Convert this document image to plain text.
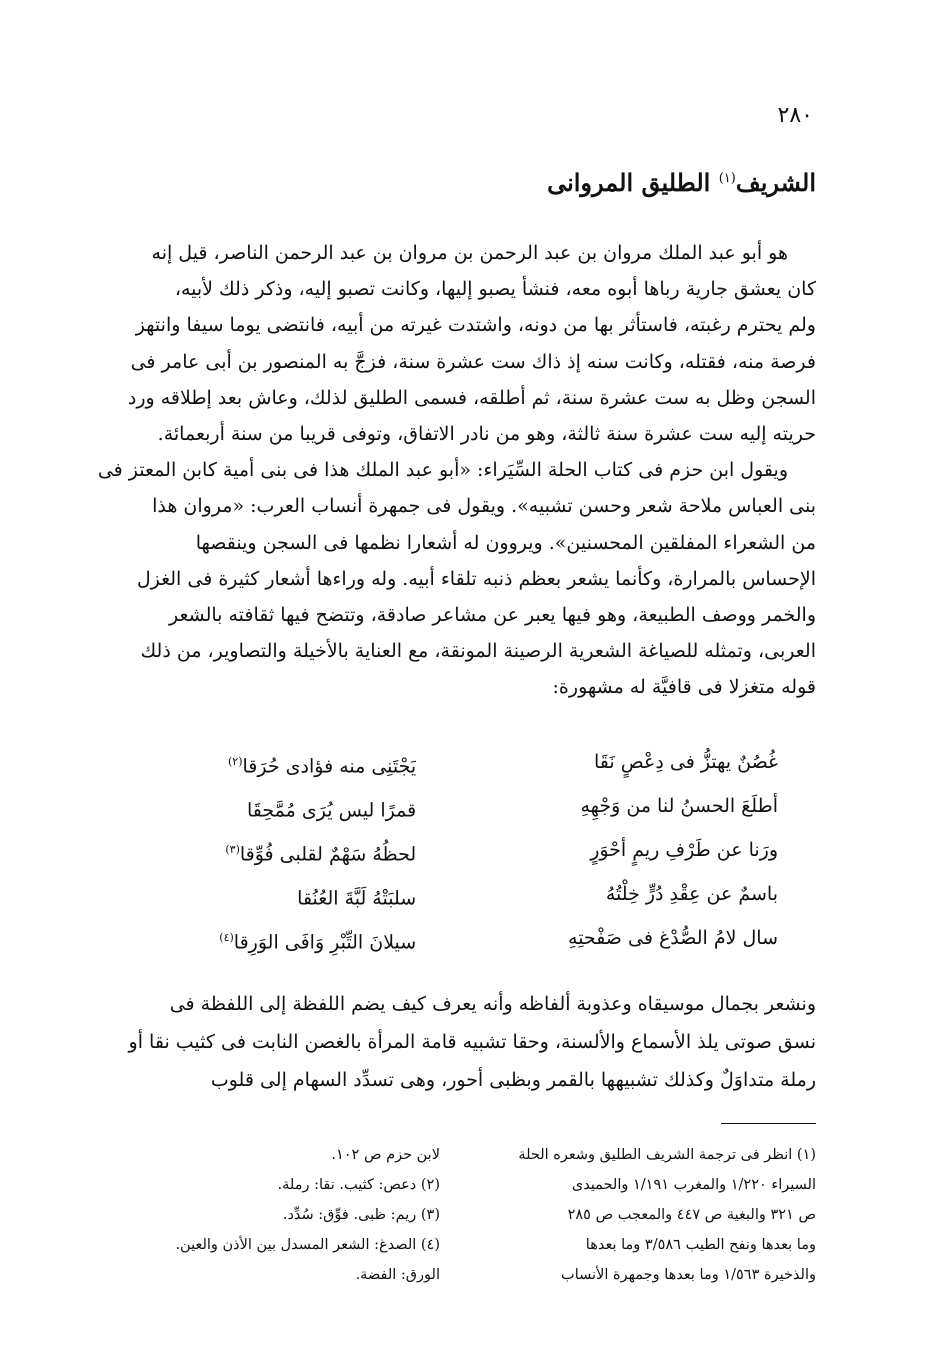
٢٨٠
الشريف$^{(١)}$ الطليق المروانى

هو أبو عبد الملك مروان بن عبد الرحمن بن مروان بن عبد الرحمن الناصر، قيل إنه

كان يعشق جارية رباها أبوه معه، فنشأ يصبو إليها، وكانت تصبو إليه، وذكر ذلك لأبيه،

ولم يحترم رغبته، فاستأثر بها من دونه، واشتدت غيرته من أبيه، فانتضى يوما سيفا وانتهز

فرصة منه، فقتله، وكانت سنه إذ ذاك ست عشرة سنة، فزجَّ به المنصور بن أبى عامر فى

السجن وظل به ست عشرة سنة، ثم أطلقه، فسمى الطليق لذلك، وعاش بعد إطلاقه ورد

حريته إليه ست عشرة سنة ثالثة، وهو من نادر الاتفاق، وتوفى قريبا من سنة أربعمائة.

ويقول ابن حزم فى كتاب الحلة السِّيَراء: «أبو عبد الملك هذا فى بنى أمية كابن المعتز فى

بنى العباس ملاحة شعر وحسن تشبيه». ويقول فى جمهرة أنساب العرب: «مروان هذا

من الشعراء المفلقين المحسنين». ويروون له أشعارا نظمها فى السجن وينقصها

الإحساس بالمرارة، وكأنما يشعر بعظم ذنبه تلقاء أبيه. وله وراءها أشعار كثيرة فى الغزل

والخمر ووصف الطبيعة، وهو فيها يعبر عن مشاعر صادقة، وتتضح فيها ثقافته بالشعر

العربى، وتمثله للصياغة الشعرية الرصينة المونقة، مع العناية بالأخيلة والتصاوير، من ذلك

قوله متغزلا فى قافيَّة له مشهورة:

غُصُنٌ يهتزُّ فى دِعْصٍ نَقَا
يَجْتَنِى منه فؤادى حُرَقا$^{(٢)}$
أطلَعَ الحسنُ لنا من وَجْهِهِ
قمرًا ليس يُرَى مُمَّحِقَا
ورَنا عن طَرْفِ ريمٍ أحْوَرٍ
لحظُهُ سَهْمٌ لقلبى فُوِّقا$^{(٣)}$
باسمٌ عن عِقْدِ دُرٍّ خِلْتُهُ
سلبَتْهُ لَبَّةَ العُنُقا
سال لامُ الصُّدْغ فى صَفْحتِهِ
سيلانَ التِّبْرِ وَافَى الوَرِقا$^{(٤)}$

ونشعر بجمال موسيقاه وعذوبة ألفاظه وأنه يعرف كيف يضم اللفظة إلى اللفظة فى

نسق صوتى يلذ الأسماع والألسنة، وحقا تشبيه قامة المرأة بالغصن النابت فى كثيب نقا أو

رملة متداوَلٌ وكذلك تشبيهها بالقمر وبظبى أحور، وهى تسدِّد السهام إلى قلوب

(١) انظر فى ترجمة الشريف الطليق وشعره الحلة
السيراء ١/٢٢٠ والمغرب ١/١٩١ والحميدى
ص ٣٢١ والبغية ص ٤٤٧ والمعجب ص ٢٨٥
وما بعدها ونفح الطيب ٣/٥٨٦ وما بعدها
والذخيرة ١/٥٦٣ وما بعدها وجمهرة الأنساب
لابن حزم ص ١٠٢.
(٢) دعص: كثيب. نقا: رملة.
(٣) ريم: ظبى. فوِّق: سُدِّد.
(٤) الصدغ: الشعر المسدل بين الأذن والعين.
الورق: الفضة.
